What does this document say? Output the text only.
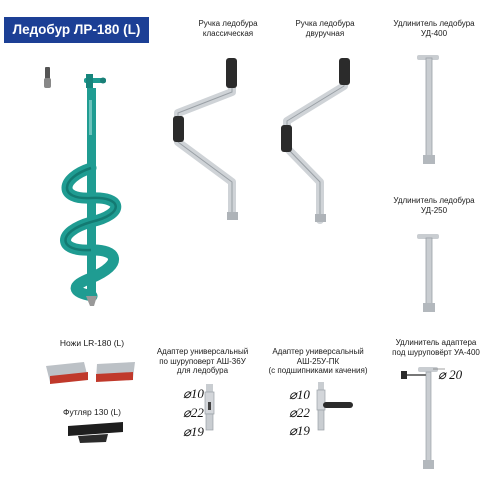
Ледобур ЛР-180 (L)	Ручка ледобура
классическая
Ручка ледобура
двуручная
Удлинитель ледобура
УД-400
Удлинитель ледобура
УД-250
Ножи LR-180 (L)
Футляр 130 (L)
Адаптер универсальный
по шуруповерт АШ-36У
для ледобура
Адаптер универсальный
АШ-25У-ПК
(с подшипниками качения)
Удлинитель адаптера
под шуруповёрт УА-400
⌀10
⌀22
⌀19
⌀10
⌀22
⌀19
⌀ 20
